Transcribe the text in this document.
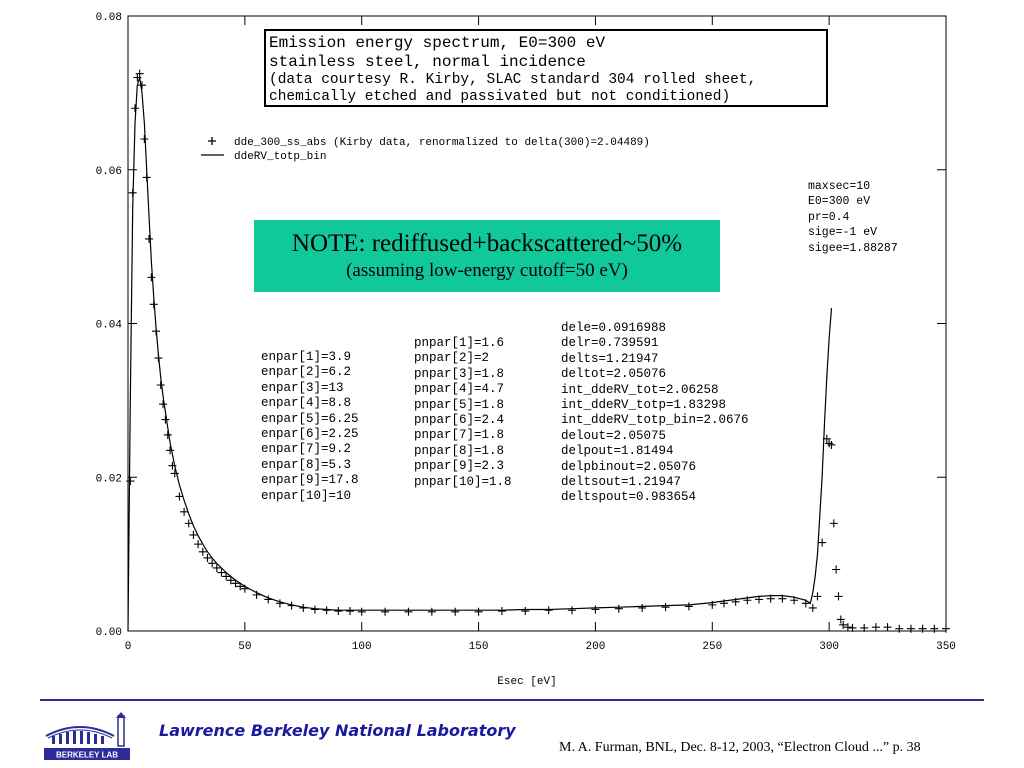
0	50	100	150	200	250	300	350
0.00
0.02
0.04
0.06
0.08
Esec [eV]
dde_300_ss_abs (Kirby data, renormalized to delta(300)=2.04489)
ddeRV_totp_bin
Emission energy spectrum, E0=300 eV
stainless steel, normal incidence
(data courtesy R. Kirby, SLAC standard 304 rolled sheet,
chemically etched and passivated but not conditioned)
NOTE: rediffused+backscattered~50%
(assuming low-energy cutoff=50 eV)
maxsec=10
E0=300 eV
pr=0.4
sige=-1 eV
sigee=1.88287
enpar[1]=3.9
enpar[2]=6.2
enpar[3]=13
enpar[4]=8.8
enpar[5]=6.25
enpar[6]=2.25
enpar[7]=9.2
enpar[8]=5.3
enpar[9]=17.8
enpar[10]=10
pnpar[1]=1.6
pnpar[2]=2
pnpar[3]=1.8
pnpar[4]=4.7
pnpar[5]=1.8
pnpar[6]=2.4
pnpar[7]=1.8
pnpar[8]=1.8
pnpar[9]=2.3
pnpar[10]=1.8
dele=0.0916988
delr=0.739591
delts=1.21947
deltot=2.05076
int_ddeRV_tot=2.06258
int_ddeRV_totp=1.83298
int_ddeRV_totp_bin=2.0676
delout=2.05075
delpout=1.81494
delpbinout=2.05076
deltsout=1.21947
deltspout=0.983654
BERKELEY LAB
Lawrence Berkeley National Laboratory
M. A. Furman, BNL, Dec. 8-12, 2003, “Electron Cloud ...” p. 38
